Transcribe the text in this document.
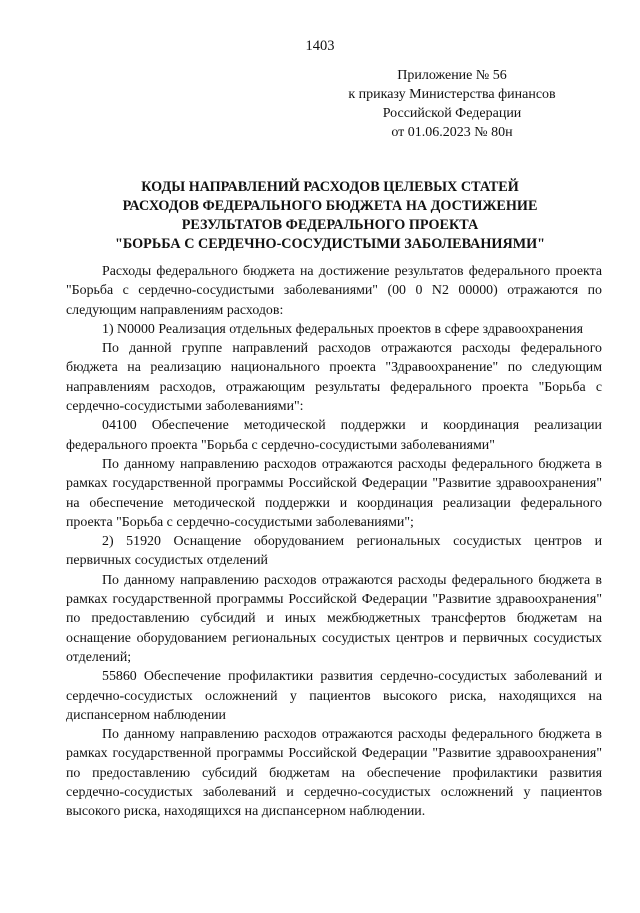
1403
Приложение № 56
к приказу Министерства финансов
Российской Федерации
от 01.06.2023 № 80н
КОДЫ НАПРАВЛЕНИЙ РАСХОДОВ ЦЕЛЕВЫХ СТАТЕЙ
РАСХОДОВ ФЕДЕРАЛЬНОГО БЮДЖЕТА НА ДОСТИЖЕНИЕ
РЕЗУЛЬТАТОВ ФЕДЕРАЛЬНОГО ПРОЕКТА
"БОРЬБА С СЕРДЕЧНО-СОСУДИСТЫМИ ЗАБОЛЕВАНИЯМИ"

Расходы федерального бюджета на достижение результатов федерального проекта "Борьба с сердечно-сосудистыми заболеваниями" (00 0 N2 00000) отражаются по следующим направлениям расходов:

1) N0000 Реализация отдельных федеральных проектов в сфере здравоохранения

По данной группе направлений расходов отражаются расходы федерального бюджета на реализацию национального проекта "Здравоохранение" по следующим направлениям расходов, отражающим результаты федерального проекта "Борьба с сердечно-сосудистыми заболеваниями":

04100 Обеспечение методической поддержки и координация реализации федерального проекта "Борьба с сердечно-сосудистыми заболеваниями"

По данному направлению расходов отражаются расходы федерального бюджета в рамках государственной программы Российской Федерации "Развитие здравоохранения" на обеспечение методической поддержки и координация реализации федерального проекта "Борьба с сердечно-сосудистыми заболеваниями";

2) 51920 Оснащение оборудованием региональных сосудистых центров и первичных сосудистых отделений

По данному направлению расходов отражаются расходы федерального бюджета в рамках государственной программы Российской Федерации "Развитие здравоохранения" по предоставлению субсидий и иных межбюджетных трансфертов бюджетам на оснащение оборудованием региональных сосудистых центров и первичных сосудистых отделений;

55860 Обеспечение профилактики развития сердечно-сосудистых заболеваний и сердечно-сосудистых осложнений у пациентов высокого риска, находящихся на диспансерном наблюдении

По данному направлению расходов отражаются расходы федерального бюджета в рамках государственной программы Российской Федерации "Развитие здравоохранения" по предоставлению субсидий бюджетам на обеспечение профилактики развития сердечно-сосудистых заболеваний и сердечно-сосудистых осложнений у пациентов высокого риска, находящихся на диспансерном наблюдении.
